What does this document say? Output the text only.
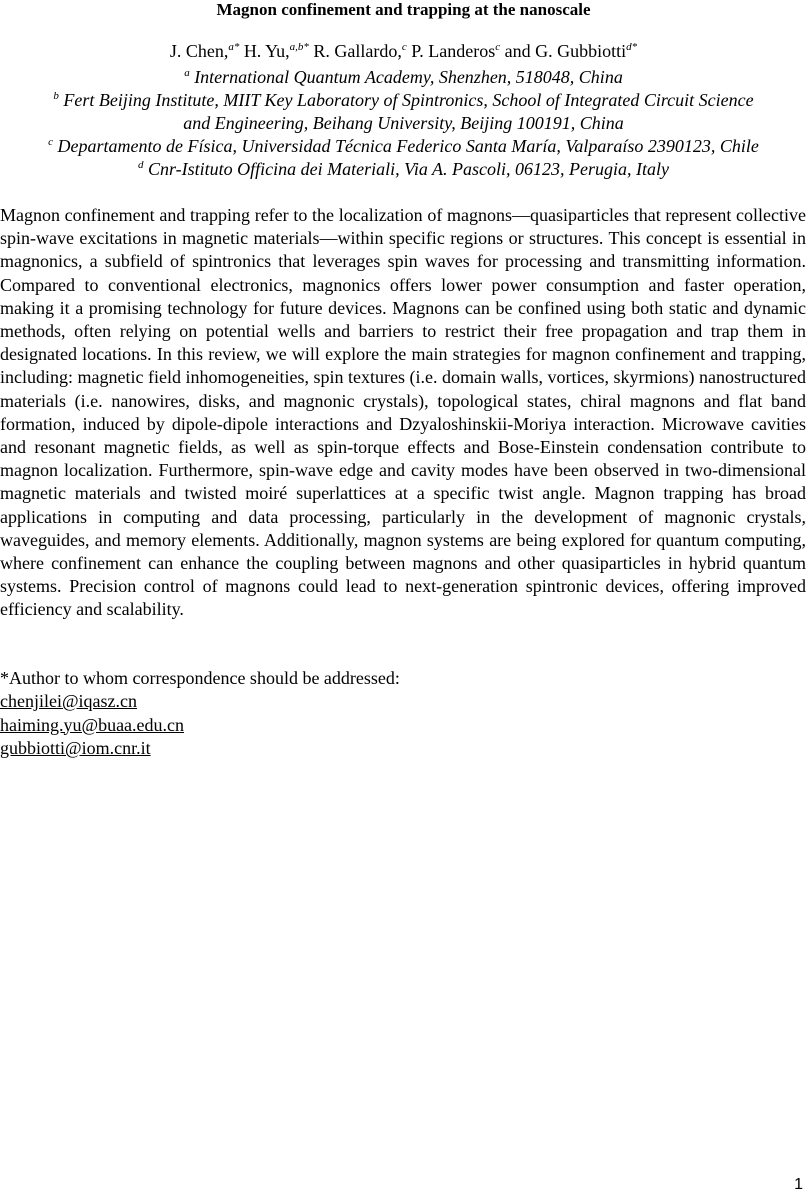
Magnon confinement and trapping at the nanoscale
J. Chen,$^{a*}$ H. Yu,$^{a,b*}$ R. Gallardo,$^c$ P. Landeros$^c$ and G. Gubbiotti$^{d*}$
$^a$ International Quantum Academy, Shenzhen, 518048, China
$^b$ Fert Beijing Institute, MIIT Key Laboratory of Spintronics, School of Integrated Circuit Science
and Engineering, Beihang University, Beijing 100191, China
$^c$ Departamento de Física, Universidad Técnica Federico Santa María, Valparaíso 2390123, Chile
$^d$ Cnr-Istituto Officina dei Materiali, Via A. Pascoli, 06123, Perugia, Italy

Magnon confinement and trapping refer to the localization of magnons—quasiparticles that represent collective spin-wave excitations in magnetic materials—within specific regions or structures. This concept is essential in magnonics, a subfield of spintronics that leverages spin waves for processing and transmitting information. Compared to conventional electronics, magnonics offers lower power consumption and faster operation, making it a promising technology for future devices. Magnons can be confined using both static and dynamic methods, often relying on potential wells and barriers to restrict their free propagation and trap them in designated locations. In this review, we will explore the main strategies for magnon confinement and trapping, including: magnetic field inhomogeneities, spin textures (i.e. domain walls, vortices, skyrmions) nanostructured materials (i.e. nanowires, disks, and magnonic crystals), topological states, chiral magnons and flat band formation, induced by dipole-dipole interactions and Dzyaloshinskii-Moriya interaction. Microwave cavities and resonant magnetic fields, as well as spin-torque effects and Bose-Einstein condensation contribute to magnon localization. Furthermore, spin-wave edge and cavity modes have been observed in two-dimensional magnetic materials and twisted moiré superlattices at a specific twist angle. Magnon trapping has broad applications in computing and data processing, particularly in the development of magnonic crystals, waveguides, and memory elements. Additionally, magnon systems are being explored for quantum computing, where confinement can enhance the coupling between magnons and other quasiparticles in hybrid quantum systems. Precision control of magnons could lead to next-generation spintronic devices, offering improved efficiency and scalability.

*Author to whom correspondence should be addressed:
chenjilei@iqasz.cn
haiming.yu@buaa.edu.cn
gubbiotti@iom.cnr.it
1
